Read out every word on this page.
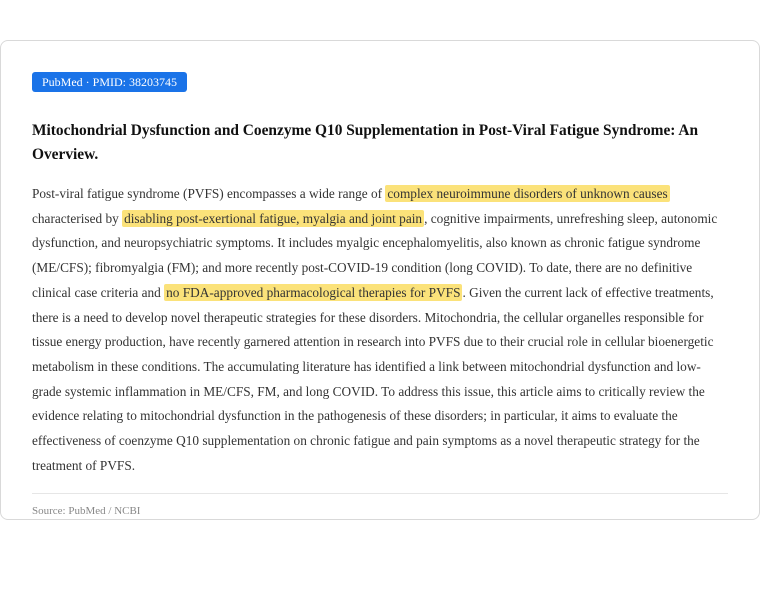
PubMed · PMID: 38203745
Mitochondrial Dysfunction and Coenzyme Q10 Supplementation in Post-Viral Fatigue Syndrome: An Overview.

Post-viral fatigue syndrome (PVFS) encompasses a wide range of complex neuroimmune disorders of unknown causes characterised by disabling post-exertional fatigue, myalgia and joint pain , cognitive impairments, unrefreshing sleep, autonomic dysfunction, and neuropsychiatric symptoms. It includes myalgic encephalomyelitis, also known as chronic fatigue syndrome (ME/CFS); fibromyalgia (FM); and more recently post-COVID-19 condition (long COVID). To date, there are no definitive clinical case criteria and no FDA-approved pharmacological therapies for PVFS . Given the current lack of effective treatments, there is a need to develop novel therapeutic strategies for these disorders. Mitochondria, the cellular organelles responsible for tissue energy production, have recently garnered attention in research into PVFS due to their crucial role in cellular bioenergetic metabolism in these conditions. The accumulating literature has identified a link between mitochondrial dysfunction and low-grade systemic inflammation in ME/CFS, FM, and long COVID. To address this issue, this article aims to critically review the evidence relating to mitochondrial dysfunction in the pathogenesis of these disorders; in particular, it aims to evaluate the effectiveness of coenzyme Q10 supplementation on chronic fatigue and pain symptoms as a novel therapeutic strategy for the treatment of PVFS.

Source: PubMed / NCBI
